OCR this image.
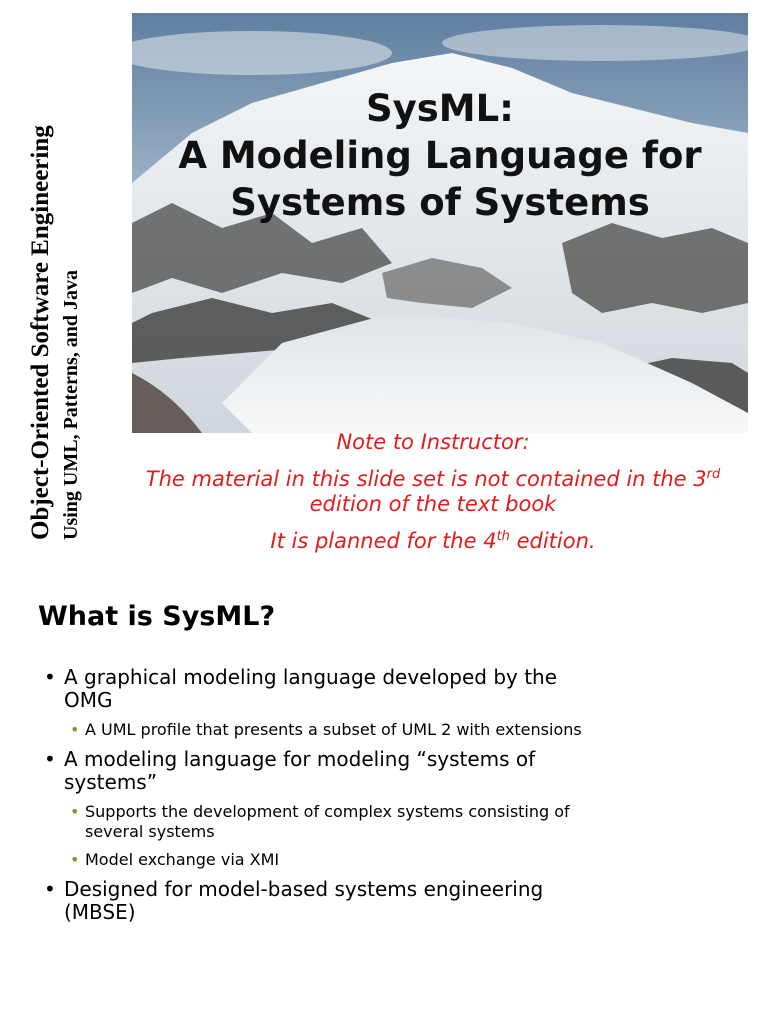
Object-Oriented Software Engineering Using UML, Patterns, and Java
SysML:
A Modeling Language for
Systems of Systems

Note to Instructor:

The material in this slide set is not contained in the 3rd
edition of the text book

It is planned for the 4th edition.

What is SysML?
• A graphical modeling language developed by the OMG
• A UML profile that presents a subset of UML 2 with extensions
• A modeling language for modeling “systems of systems”
• Supports the development of complex systems consisting of several systems
• Model exchange via XMI
• Designed for model-based systems engineering (MBSE)
